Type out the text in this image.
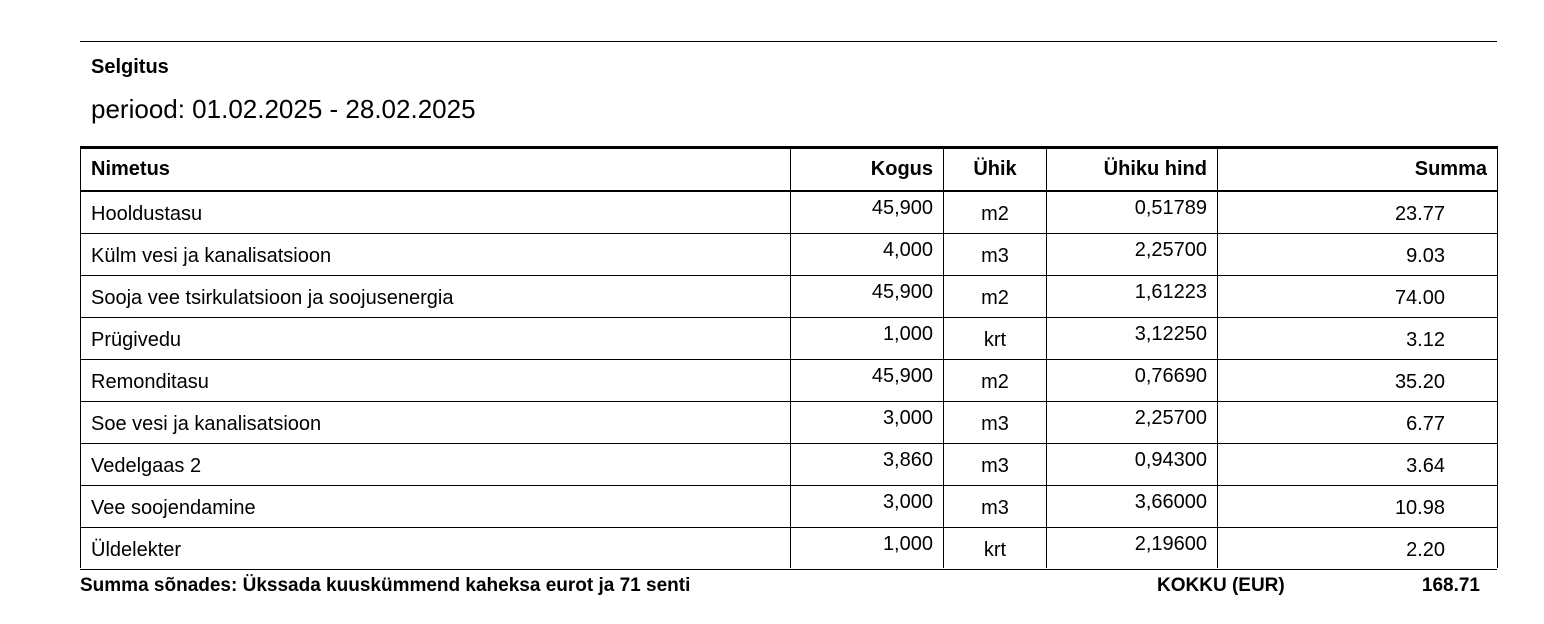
Selgitus
periood: 01.02.2025 - 28.02.2025
Nimetus	Kogus	Ühik	Ühiku hind	Summa
Hooldustasu	45,900	m2	0,51789	23.77
Külm vesi ja kanalisatsioon	4,000	m3	2,25700	9.03
Sooja vee tsirkulatsioon ja soojusenergia	45,900	m2	1,61223	74.00
Prügivedu	1,000	krt	3,12250	3.12
Remonditasu	45,900	m2	0,76690	35.20
Soe vesi ja kanalisatsioon	3,000	m3	2,25700	6.77
Vedelgaas 2	3,860	m3	0,94300	3.64
Vee soojendamine	3,000	m3	3,66000	10.98
Üldelekter	1,000	krt	2,19600	2.20
Summa sõnades: Ükssada kuuskümmend kaheksa eurot ja 71 senti	KOKKU (EUR)	168.71
